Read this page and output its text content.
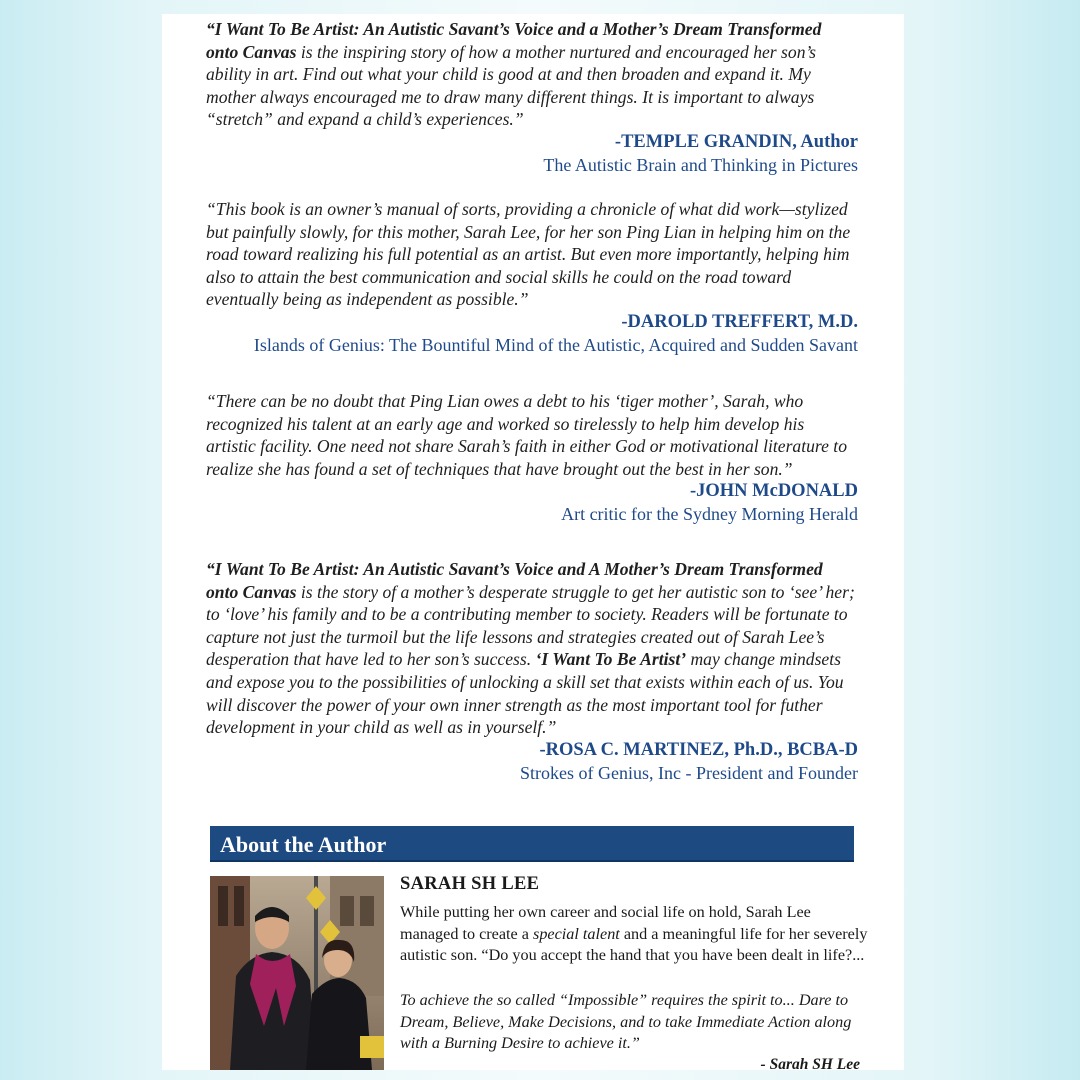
“I Want To Be Artist: An Autistic Savant’s Voice and a Mother’s Dream Transformed onto Canvas is the inspiring story of how a mother nurtured and encouraged her son’s ability in art. Find out what your child is good at and then broaden and expand it. My mother always encouraged me to draw many different things. It is important to always “stretch” and expand a child’s experiences.”

-TEMPLE GRANDIN, Author
The Autistic Brain and Thinking in Pictures

“This book is an owner’s manual of sorts, providing a chronicle of what did work—stylized but painfully slowly, for this mother, Sarah Lee, for her son Ping Lian in helping him on the road toward realizing his full potential as an artist. But even more importantly, helping him also to attain the best communication and social skills he could on the road toward eventually being as independent as possible.”

-DAROLD TREFFERT, M.D.
Islands of Genius: The Bountiful Mind of the Autistic, Acquired and Sudden Savant

“There can be no doubt that Ping Lian owes a debt to his ‘tiger mother’, Sarah, who recognized his talent at an early age and worked so tirelessly to help him develop his artistic facility. One need not share Sarah’s faith in either God or motivational literature to realize she has found a set of techniques that have brought out the best in her son.”

-JOHN McDONALD
Art critic for the Sydney Morning Herald

“I Want To Be Artist: An Autistic Savant’s Voice and A Mother’s Dream Transformed onto Canvas is the story of a mother’s desperate struggle to get her autistic son to ‘see’ her; to ‘love’ his family and to be a contributing member to society. Readers will be fortunate to capture not just the turmoil but the life lessons and strategies created out of Sarah Lee’s desperation that have led to her son’s success. ‘I Want To Be Artist’ may change mindsets and expose you to the possibilities of unlocking a skill set that exists within each of us. You will discover the power of your own inner strength as the most important tool for futher development in your child as well as in yourself.”

-ROSA C. MARTINEZ, Ph.D., BCBA-D
Strokes of Genius, Inc - President and Founder
About the Author
SARAH SH LEE

While putting her own career and social life on hold, Sarah Lee managed to create a special talent and a meaningful life for her severely autistic son. “Do you accept the hand that you have been dealt in life?...

To achieve the so called “Impossible” requires the spirit to... Dare to Dream, Believe, Make Decisions, and to take Immediate Action along with a Burning Desire to achieve it.”

- Sarah SH Lee
